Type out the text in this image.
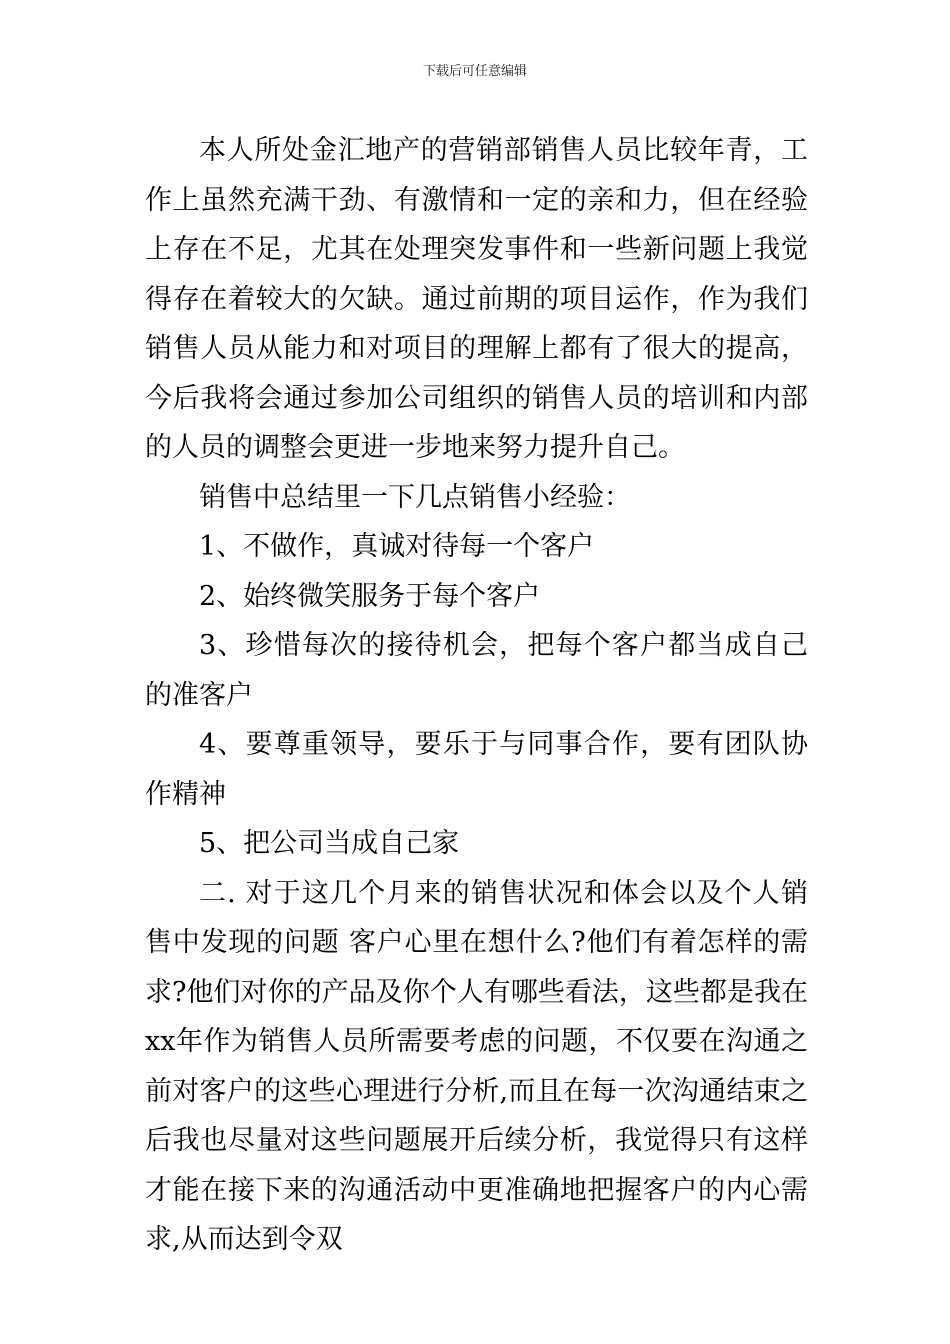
下载后可任意编辑

本人所处金汇地产的营销部销售人员比较年青，工作上虽然充满干劲、有激情和一定的亲和力，但在经验上存在不足，尤其在处理突发事件和一些新问题上我觉得存在着较大的欠缺。通过前期的项目运作，作为我们销售人员从能力和对项目的理解上都有了很大的提高，今后我将会通过参加公司组织的销售人员的培训和内部的人员的调整会更进一步地来努力提升自己。

销售中总结里一下几点销售小经验：

1、不做作，真诚对待每一个客户

2、始终微笑服务于每个客户

3、珍惜每次的接待机会，把每个客户都当成自己的准客户

4、要尊重领导，要乐于与同事合作，要有团队协作精神

5、把公司当成自己家

二. 对于这几个月来的销售状况和体会以及个人销售中发现的问题 客户心里在想什么?他们有着怎样的需求?他们对你的产品及你个人有哪些看法，这些都是我在xx年作为销售人员所需要考虑的问题，不仅要在沟通之前对客户的这些心理进行分析,而且在每一次沟通结束之后我也尽量对这些问题展开后续分析，我觉得只有这样才能在接下来的沟通活动中更准确地把握客户的内心需求,从而达到令双
